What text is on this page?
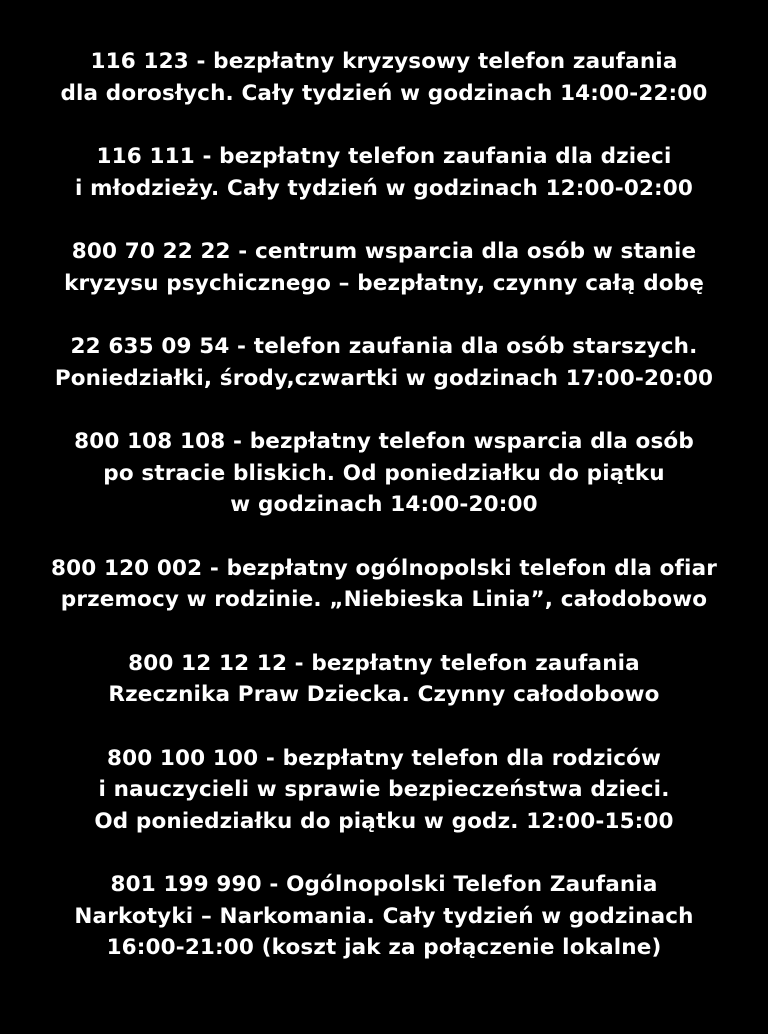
116 123 - bezpłatny kryzysowy telefon zaufania
dla dorosłych. Cały tydzień w godzinach 14:00-22:00
116 111 - bezpłatny telefon zaufania dla dzieci
i młodzieży. Cały tydzień w godzinach 12:00-02:00
800 70 22 22 - centrum wsparcia dla osób w stanie
kryzysu psychicznego – bezpłatny, czynny całą dobę
22 635 09 54 - telefon zaufania dla osób starszych.
Poniedziałki, środy,czwartki w godzinach 17:00-20:00
800 108 108 - bezpłatny telefon wsparcia dla osób
po stracie bliskich. Od poniedziałku do piątku
w godzinach 14:00-20:00
800 120 002 - bezpłatny ogólnopolski telefon dla ofiar
przemocy w rodzinie. „Niebieska Linia”, całodobowo
800 12 12 12 - bezpłatny telefon zaufania
Rzecznika Praw Dziecka. Czynny całodobowo
800 100 100 - bezpłatny telefon dla rodziców
i nauczycieli w sprawie bezpieczeństwa dzieci.
Od poniedziałku do piątku w godz. 12:00-15:00
801 199 990 - Ogólnopolski Telefon Zaufania
Narkotyki – Narkomania. Cały tydzień w godzinach
16:00-21:00 (koszt jak za połączenie lokalne)
